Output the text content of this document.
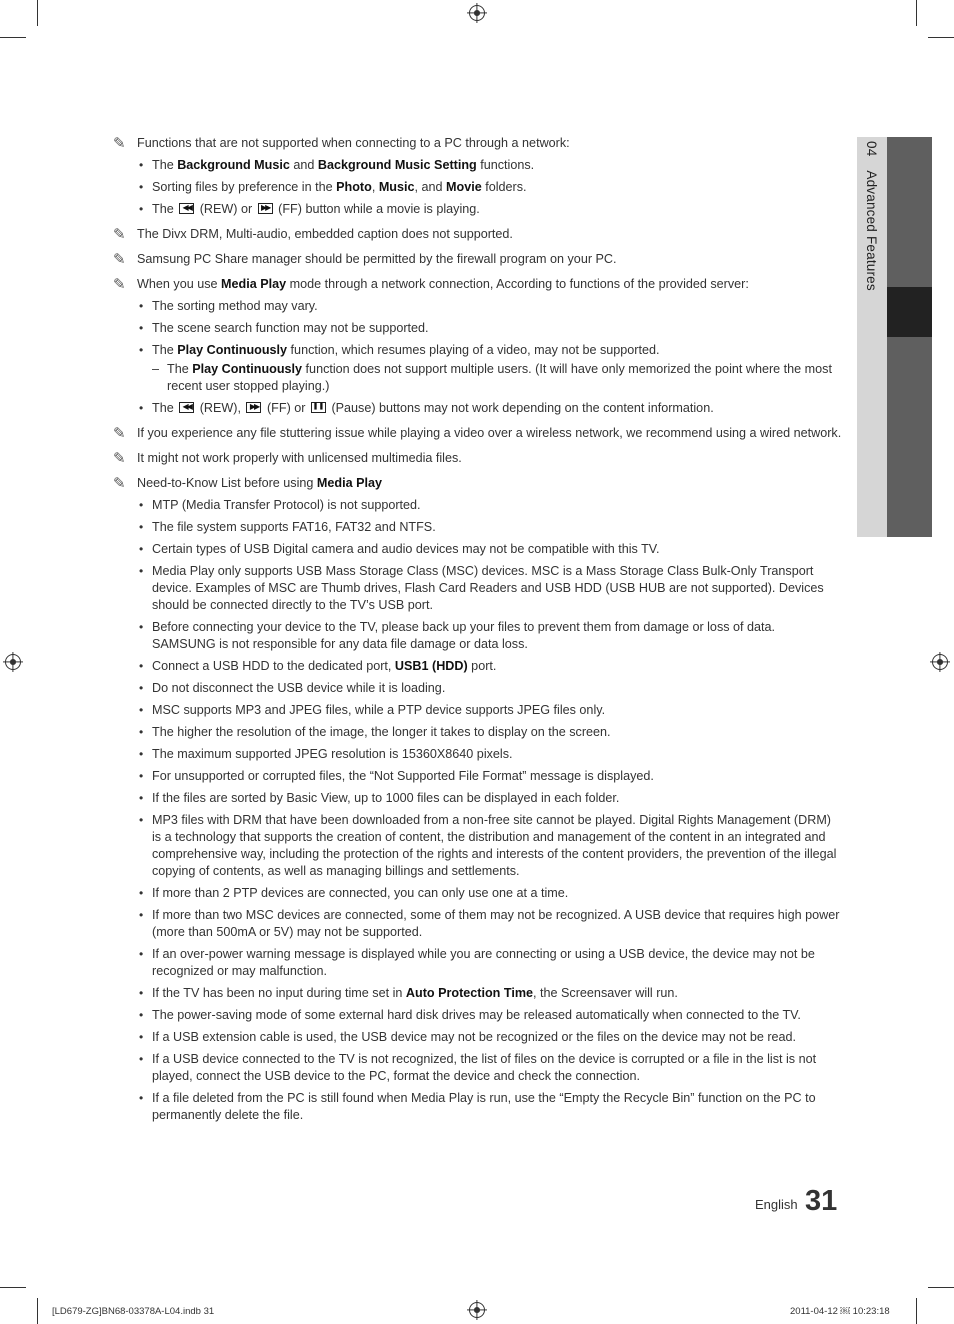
04 Advanced Features

✎ Functions that are not supported when connecting to a PC through a network:

• The Background Music and Background Music Setting functions.

• Sorting files by preference in the Photo, Music, and Movie folders.

• The ◀◀ (REW) or ▶▶ (FF) button while a movie is playing.

✎ The Divx DRM, Multi-audio, embedded caption does not supported.

✎ Samsung PC Share manager should be permitted by the firewall program on your PC.

✎ When you use Media Play mode through a network connection, According to functions of the provided server:

• The sorting method may vary.

• The scene search function may not be supported.

• The Play Continuously function, which resumes playing of a video, may not be supported.

– The Play Continuously function does not support multiple users. (It will have only memorized the point where the most recent user stopped playing.)

• The ◀◀ (REW), ▶▶ (FF) or ❚❚ (Pause) buttons may not work depending on the content information.

✎ If you experience any file stuttering issue while playing a video over a wireless network, we recommend using a wired network.

✎ It might not work properly with unlicensed multimedia files.

✎ Need-to-Know List before using Media Play

• MTP (Media Transfer Protocol) is not supported.

• The file system supports FAT16, FAT32 and NTFS.

• Certain types of USB Digital camera and audio devices may not be compatible with this TV.

• Media Play only supports USB Mass Storage Class (MSC) devices. MSC is a Mass Storage Class Bulk-Only Transport device. Examples of MSC are Thumb drives, Flash Card Readers and USB HDD (USB HUB are not supported). Devices should be connected directly to the TV’s USB port.

• Before connecting your device to the TV, please back up your files to prevent them from damage or loss of data. SAMSUNG is not responsible for any data file damage or data loss.

• Connect a USB HDD to the dedicated port, USB1 (HDD) port.

• Do not disconnect the USB device while it is loading.

• MSC supports MP3 and JPEG files, while a PTP device supports JPEG files only.

• The higher the resolution of the image, the longer it takes to display on the screen.

• The maximum supported JPEG resolution is 15360X8640 pixels.

• For unsupported or corrupted files, the “Not Supported File Format” message is displayed.

• If the files are sorted by Basic View, up to 1000 files can be displayed in each folder.

• MP3 files with DRM that have been downloaded from a non-free site cannot be played. Digital Rights Management (DRM) is a technology that supports the creation of content, the distribution and management of the content in an integrated and comprehensive way, including the protection of the rights and interests of the content providers, the prevention of the illegal copying of contents, as well as managing billings and settlements.

• If more than 2 PTP devices are connected, you can only use one at a time.

• If more than two MSC devices are connected, some of them may not be recognized. A USB device that requires high power (more than 500mA or 5V) may not be supported.

• If an over-power warning message is displayed while you are connecting or using a USB device, the device may not be recognized or may malfunction.

• If the TV has been no input during time set in Auto Protection Time, the Screensaver will run.

• The power-saving mode of some external hard disk drives may be released automatically when connected to the TV.

• If a USB extension cable is used, the USB device may not be recognized or the files on the device may not be read.

• If a USB device connected to the TV is not recognized, the list of files on the device is corrupted or a file in the list is not played, connect the USB device to the PC, format the device and check the connection.

• If a file deleted from the PC is still found when Media Play is run, use the “Empty the Recycle Bin” function on the PC to permanently delete the file.

English 31
[LD679-ZG]BN68-03378A-L04.indb 31	2011-04-12 ￼ 10:23:18
